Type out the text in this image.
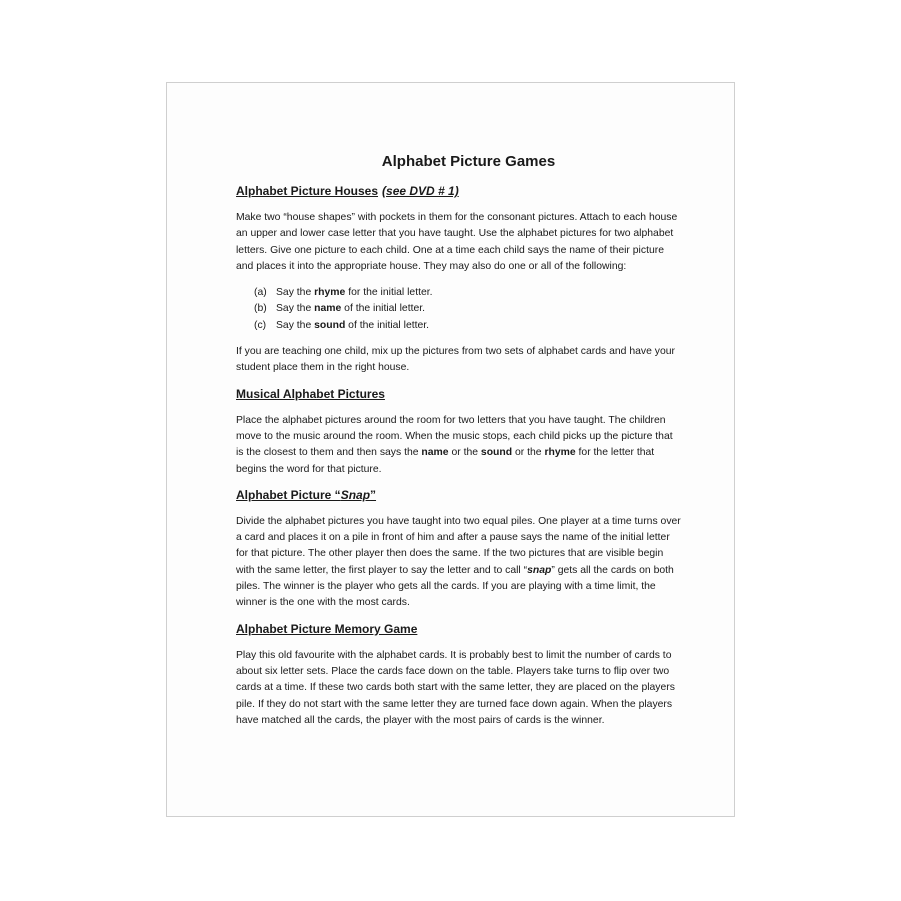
Alphabet Picture Games
Alphabet Picture Houses (see DVD # 1)

Make two “house shapes” with pockets in them for the consonant pictures. Attach to each house an upper and lower case letter that you have taught. Use the alphabet pictures for two alphabet letters. Give one picture to each child. One at a time each child says the name of their picture and places it into the appropriate house. They may also do one or all of the following:

(a) Say the rhyme for the initial letter.
(b) Say the name of the initial letter.
(c) Say the sound of the initial letter.

If you are teaching one child, mix up the pictures from two sets of alphabet cards and have your student place them in the right house.

Musical Alphabet Pictures

Place the alphabet pictures around the room for two letters that you have taught. The children move to the music around the room. When the music stops, each child picks up the picture that is the closest to them and then says the name or the sound or the rhyme for the letter that begins the word for that picture.

Alphabet Picture “Snap”

Divide the alphabet pictures you have taught into two equal piles. One player at a time turns over a card and places it on a pile in front of him and after a pause says the name of the initial letter for that picture. The other player then does the same. If the two pictures that are visible begin with the same letter, the first player to say the letter and to call “snap” gets all the cards on both piles. The winner is the player who gets all the cards. If you are playing with a time limit, the winner is the one with the most cards.

Alphabet Picture Memory Game

Play this old favourite with the alphabet cards. It is probably best to limit the number of cards to about six letter sets. Place the cards face down on the table. Players take turns to flip over two cards at a time. If these two cards both start with the same letter, they are placed on the players pile. If they do not start with the same letter they are turned face down again. When the players have matched all the cards, the player with the most pairs of cards is the winner.
